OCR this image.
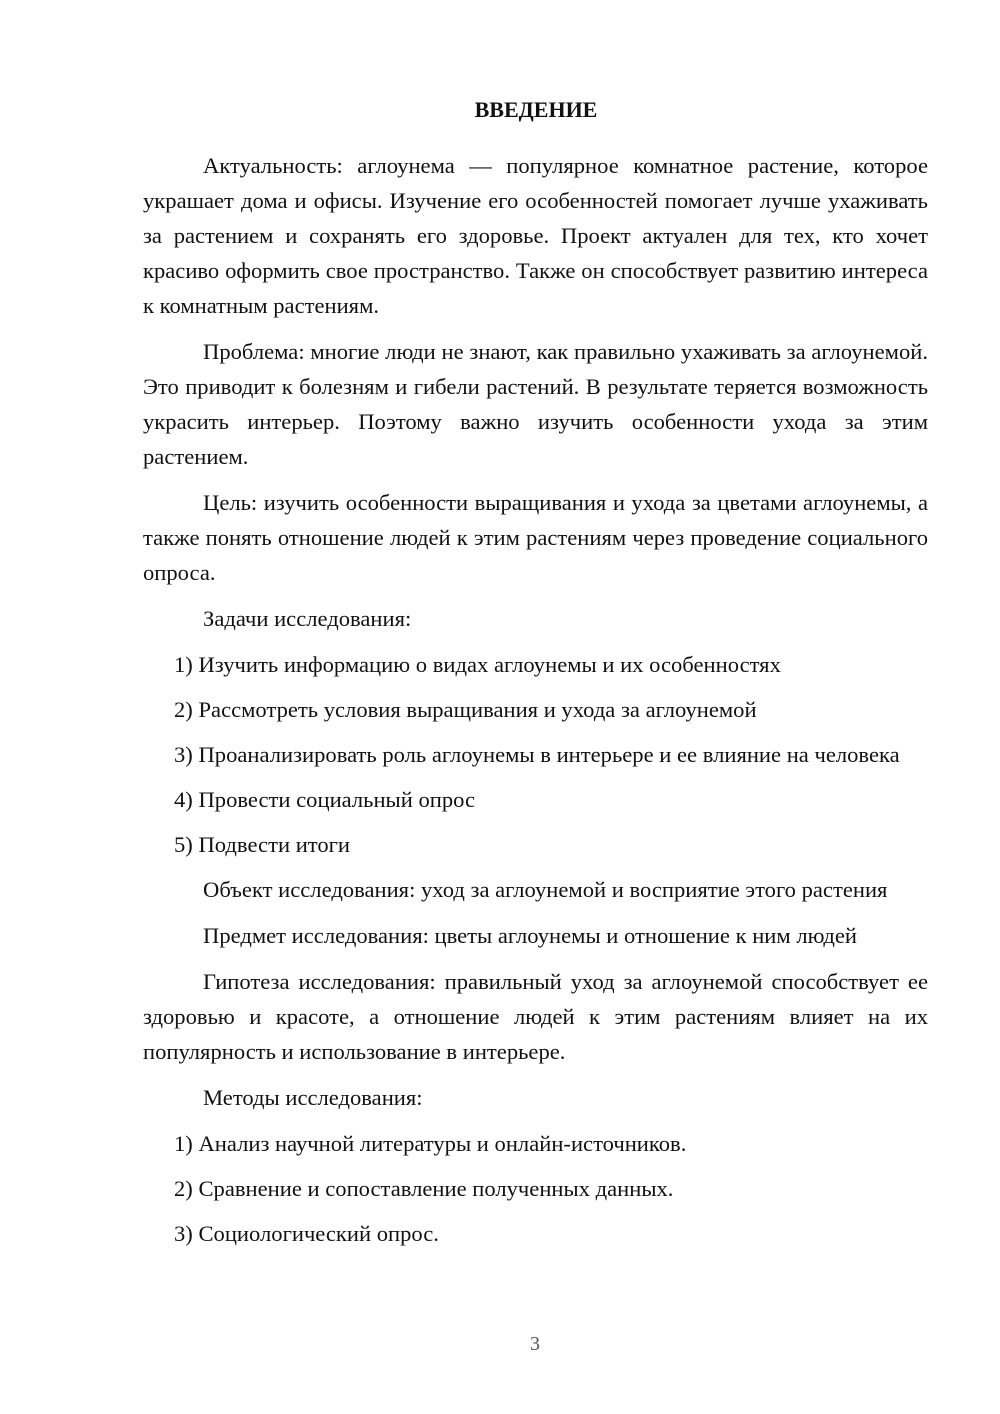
ВВЕДЕНИЕ

Актуальность: аглоунема — популярное комнатное растение, которое украшает дома и офисы. Изучение его особенностей помогает лучше ухаживать за растением и сохранять его здоровье. Проект актуален для тех, кто хочет красиво оформить свое пространство. Также он способствует развитию интереса к комнатным растениям.

Проблема: многие люди не знают, как правильно ухаживать за аглоунемой. Это приводит к болезням и гибели растений. В результате теряется возможность украсить интерьер. Поэтому важно изучить особенности ухода за этим растением.

Цель: изучить особенности выращивания и ухода за цветами аглоунемы, а также понять отношение людей к этим растениям через проведение социального опроса.

Задачи исследования:

1) Изучить информацию о видах аглоунемы и их особенностях

2) Рассмотреть условия выращивания и ухода за аглоунемой

3) Проанализировать роль аглоунемы в интерьере и ее влияние на человека

4) Провести социальный опрос

5) Подвести итоги

Объект исследования: уход за аглоунемой и восприятие этого растения

Предмет исследования: цветы аглоунемы и отношение к ним людей

Гипотеза исследования: правильный уход за аглоунемой способствует ее здоровью и красоте, а отношение людей к этим растениям влияет на их популярность и использование в интерьере.

Методы исследования:

1) Анализ научной литературы и онлайн-источников.

2) Сравнение и сопоставление полученных данных.

3) Социологический опрос.

3
